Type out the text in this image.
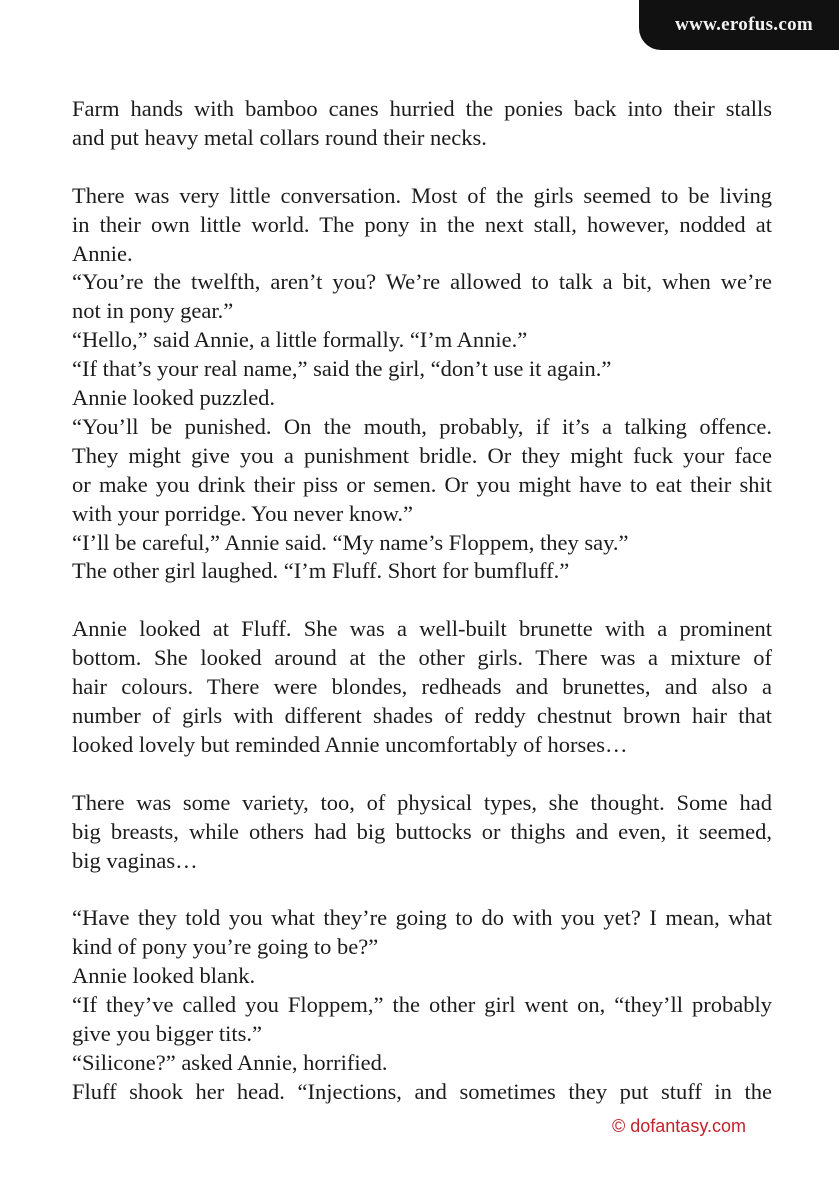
www.erofus.com
Farm hands with bamboo canes hurried the ponies back into their stalls
and put heavy metal collars round their necks.
There was very little conversation. Most of the girls seemed to be living
in their own little world. The pony in the next stall, however, nodded at
Annie.
“You’re the twelfth, aren’t you? We’re allowed to talk a bit, when we’re
not in pony gear.”
“Hello,” said Annie, a little formally. “I’m Annie.”
“If that’s your real name,” said the girl, “don’t use it again.”
Annie looked puzzled.
“You’ll be punished. On the mouth, probably, if it’s a talking offence.
They might give you a punishment bridle. Or they might fuck your face
or make you drink their piss or semen. Or you might have to eat their shit
with your porridge. You never know.”
“I’ll be careful,” Annie said. “My name’s Floppem, they say.”
The other girl laughed. “I’m Fluff. Short for bumfluff.”
Annie looked at Fluff. She was a well-built brunette with a prominent
bottom. She looked around at the other girls. There was a mixture of
hair colours. There were blondes, redheads and brunettes, and also a
number of girls with different shades of reddy chestnut brown hair that
looked lovely but reminded Annie uncomfortably of horses…
There was some variety, too, of physical types, she thought. Some had
big breasts, while others had big buttocks or thighs and even, it seemed,
big vaginas…
“Have they told you what they’re going to do with you yet? I mean, what
kind of pony you’re going to be?”
Annie looked blank.
“If they’ve called you Floppem,” the other girl went on, “they’ll probably
give you bigger tits.”
“Silicone?” asked Annie, horrified.
Fluff shook her head. “Injections, and sometimes they put stuff in the
© dofantasy.com
